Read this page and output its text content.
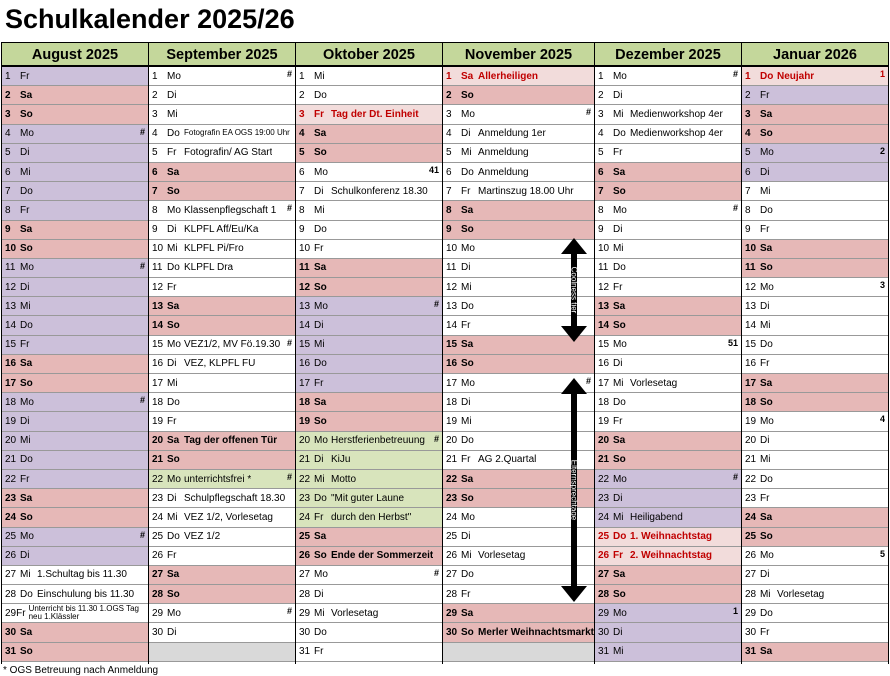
Schulkalender 2025/26
August 2025
1 Fr
2 Sa
3 So
4 Mo	#
5 Di
6 Mi
7 Do
8 Fr
9 Sa
10 So
11 Mo	#
12 Di
13 Mi
14 Do
15 Fr
16 Sa
17 So
18 Mo	#
19 Di
20 Mi
21 Do
22 Fr
23 Sa
24 So
25 Mo	#
26 Di
27 Mi 1.Schultag bis 11.30
28 Do Einschulung bis 11.30
29 Fr Unterricht bis 11.30 1.OGS Tag neu 1.Klässler
30 Sa
31 So
September 2025
1 Mo	#
2 Di
3 Mi
4 Do Fotografin EA OGS 19:00 Uhr
5 Fr Fotografin/ AG Start
6 Sa
7 So
8 Mo Klassenpflegschaft 1 #
9 Di KLPFL Aff/Eu/Ka
10 Mi KLPFL Pi/Fro
11 Do KLPFL Dra
12 Fr
13 Sa
14 So
15 Mo VEZ1/2, MV Fö.19.30 #
16 Di VEZ, KLPFL FU
17 Mi
18 Do
19 Fr
20 Sa Tag der offenen Tür
21 So
22 Mo unterrichtsfrei *	#
23 Di Schulpflegschaft 18.30
24 Mi VEZ 1/2, Vorlesetag
25 Do VEZ 1/2
26 Fr
27 Sa
28 So
29 Mo	#
30 Di
Oktober 2025
1 Mi
2 Do
3 Fr Tag der Dt. Einheit
4 Sa
5 So
6 Mo	41
7 Di Schulkonferenz 18.30
8 Mi
9 Do
10 Fr
11 Sa
12 So
13 Mo	#
14 Di
15 Mi
16 Do
17 Fr
18 Sa
19 So
20 Mo Herstferienbetreuung #
21 Di KiJu
22 Mi Motto
23 Do "Mit guter Laune
24 Fr durch den Herbst"
25 Sa
26 So Ende der Sommerzeit
27 Mo	#
28 Di
29 Mi Vorlesetag
30 Do
31 Fr
November 2025
1 Sa Allerheiligen
2 So
3 Mo	#
4 Di Anmeldung 1er
5 Mi Anmeldung
6 Do Anmeldung
7 Fr Martinszug 18.00 Uhr
8 Sa
9 So
10 Mo
11 Di
12 Mi
13 Do
14 Fr
15 Sa
16 So
17 Mo	#
18 Di
19 Mi
20 Do
21 Fr AG 2.Quartal
22 Sa
23 So
24 Mo
25 Di
26 Mi Vorlesetag
27 Do
28 Fr
29 Sa
30 So Merler Weihnachtsmarkt
Dezember 2025
1 Mo	#
2 Di
3 Mi Medienworkshop 4er
4 Do Medienworkshop 4er
5 Fr
6 Sa
7 So
8 Mo	#
9 Di
10 Mi
11 Do
12 Fr
13 Sa
14 So
15 Mo	51
16 Di
17 Mi Vorlesetag
18 Do
19 Fr
20 Sa
21 So
22 Mo	#
23 Di
24 Mi Heiligabend
25 Do 1. Weihnachtstag
26 Fr 2. Weihnachtstag
27 Sa
28 So
29 Mo	1
30 Di
31 Mi
Januar 2026
1 Do Neujahr	1
2 Fr
3 Sa
4 So
5 Mo	2
6 Di
7 Mi
8 Do
9 Fr
10 Sa
11 So
12 Mo	3
13 Di
14 Mi
15 Do
16 Fr
17 Sa
18 So
19 Mo	4
20 Di
21 Mi
22 Do
23 Fr
24 Sa
25 So
26 Mo	5
27 Di
28 Mi Vorlesetag
29 Do
30 Fr
31 Sa
Coolness tier
Elternsprechtage
* OGS Betreuung nach Anmeldung
